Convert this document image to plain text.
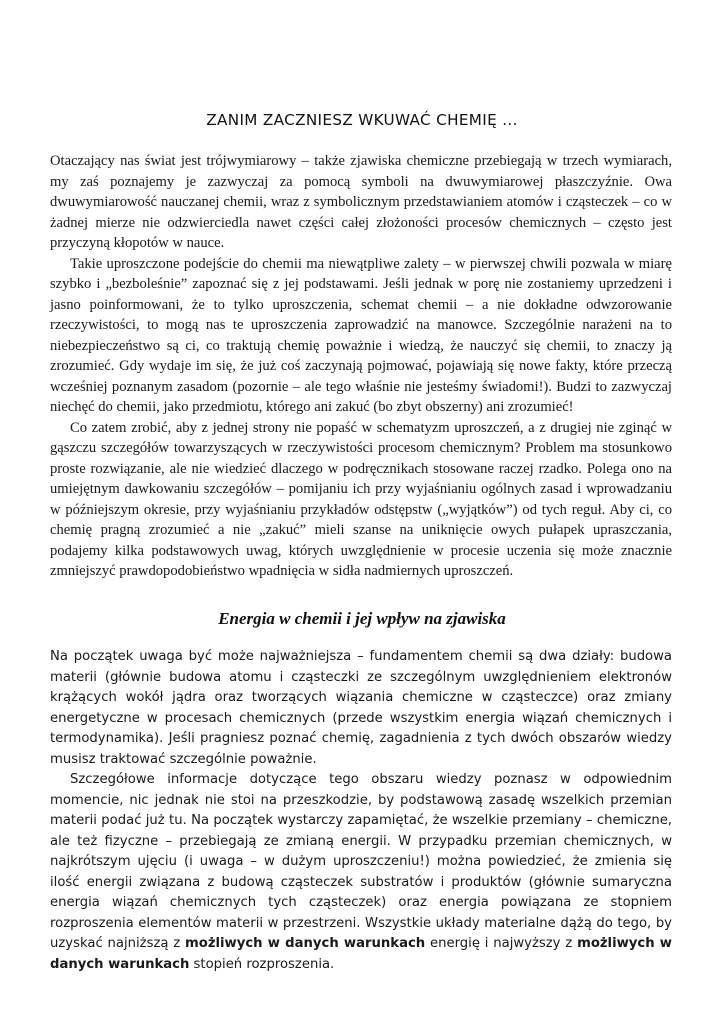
ZANIM ZACZNIESZ WKUWAĆ CHEMIĘ ...

Otaczający nas świat jest trójwymiarowy – także zjawiska chemiczne przebiegają w trzech wymiarach, my zaś poznajemy je zazwyczaj za pomocą symboli na dwuwymiarowej płaszczyźnie. Owa dwuwymiarowość nauczanej chemii, wraz z symbolicznym przedstawianiem atomów i cząsteczek – co w żadnej mierze nie odzwierciedla nawet części całej złożoności procesów chemicznych – często jest przyczyną kłopotów w nauce.

Takie uproszczone podejście do chemii ma niewątpliwe zalety – w pierwszej chwili pozwala w miarę szybko i „bezboleśnie” zapoznać się z jej podstawami. Jeśli jednak w porę nie zostaniemy uprzedzeni i jasno poinformowani, że to tylko uproszczenia, schemat chemii – a nie dokładne odwzorowanie rzeczywistości, to mogą nas te uproszczenia zaprowadzić na manowce. Szczególnie narażeni na to niebezpieczeństwo są ci, co traktują chemię poważnie i wiedzą, że nauczyć się chemii, to znaczy ją zrozumieć. Gdy wydaje im się, że już coś zaczynają pojmować, pojawiają się nowe fakty, które przeczą wcześniej poznanym zasadom (pozornie – ale tego właśnie nie jesteśmy świadomi!). Budzi to zazwyczaj niechęć do chemii, jako przedmiotu, którego ani zakuć (bo zbyt obszerny) ani zrozumieć!

Co zatem zrobić, aby z jednej strony nie popaść w schematyzm uproszczeń, a z drugiej nie zginąć w gąszczu szczegółów towarzyszących w rzeczywistości procesom chemicznym? Problem ma stosunkowo proste rozwiązanie, ale nie wiedzieć dlaczego w podręcznikach stosowane raczej rzadko. Polega ono na umiejętnym dawkowaniu szczegółów – pomijaniu ich przy wyjaśnianiu ogólnych zasad i wprowadzaniu w późniejszym okresie, przy wyjaśnianiu przykładów odstępstw („wyjątków”) od tych reguł. Aby ci, co chemię pragną zrozumieć a nie „zakuć” mieli szanse na uniknięcie owych pułapek upraszczania, podajemy kilka podstawowych uwag, których uwzględnienie w procesie uczenia się może znacznie zmniejszyć prawdopodobieństwo wpadnięcia w sidła nadmiernych uproszczeń.

Energia w chemii i jej wpływ na zjawiska

Na początek uwaga być może najważniejsza – fundamentem chemii są dwa działy: budowa materii (głównie budowa atomu i cząsteczki ze szczególnym uwzględnieniem elektronów krążących wokół jądra oraz tworzących wiązania chemiczne w cząsteczce) oraz zmiany energetyczne w procesach chemicznych (przede wszystkim energia wiązań chemicznych i termodynamika). Jeśli pragniesz poznać chemię, zagadnienia z tych dwóch obszarów wiedzy musisz traktować szczególnie poważnie.

Szczegółowe informacje dotyczące tego obszaru wiedzy poznasz w odpowiednim momencie, nic jednak nie stoi na przeszkodzie, by podstawową zasadę wszelkich przemian materii podać już tu. Na początek wystarczy zapamiętać, że wszelkie przemiany – chemiczne, ale też fizyczne – przebiegają ze zmianą energii. W przypadku przemian chemicznych, w najkrótszym ujęciu (i uwaga – w dużym uproszczeniu!) można powiedzieć, że zmienia się ilość energii związana z budową cząsteczek substratów i produktów (głównie sumaryczna energia wiązań chemicznych tych cząsteczek) oraz energia powiązana ze stopniem rozproszenia elementów materii w przestrzeni. Wszystkie układy materialne dążą do tego, by uzyskać najniższą z możliwych w danych warunkach energię i najwyższy z możliwych w danych warunkach stopień rozproszenia.
